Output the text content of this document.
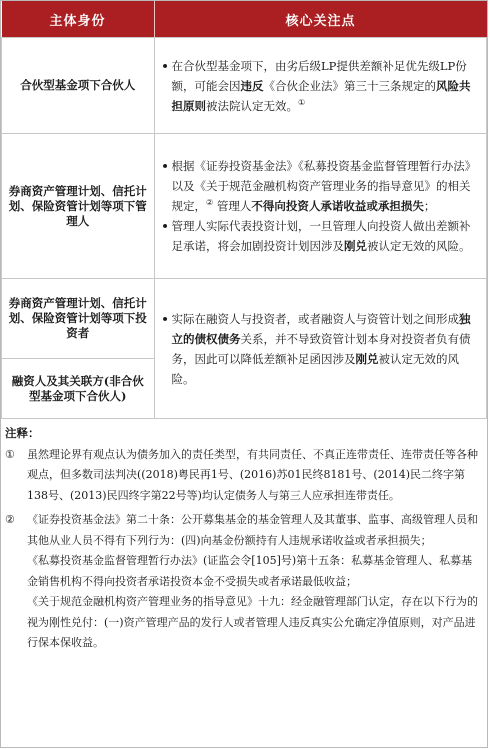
主体身份	核心关注点
合伙型基金项下合伙人	• 在合伙型基金项下，由劣后级LP提供差额补足优先级LP份额，可能会因违反《合伙企业法》第三十三条规定的风险共担原则被法院认定无效。①

券商资产管理计划、信托计划、保险资管计划等项下管理人	• 根据《证券投资基金法》《私募投资基金监督管理暂行办法》以及《关于规范金融机构资产管理业务的指导意见》的相关规定，② 管理人不得向投资人承诺收益或承担损失；
• 管理人实际代表投资计划，一旦管理人向投资人做出差额补足承诺，将会加剧投资计划因涉及刚兑被认定无效的风险。

券商资产管理计划、信托计划、保险资管计划等项下投资者	• 实际在融资人与投资者，或者融资人与资管计划之间形成独立的债权债务关系，并不导致资管计划本身对投资者负有债务，因此可以降低差额补足函因涉及刚兑被认定无效的风险。

融资人及其关联方(非合伙型基金项下合伙人)	
注释：
①	虽然理论界有观点认为债务加入的责任类型，有共同责任、不真正连带责任、连带责任等各种观点，但多数司法判决((2018)粤民再1号、(2016)苏01民终8181号、(2014)民二终字第138号、(2013)民四终字第22号等)均认定债务人与第三人应承担连带责任。
②	《证券投资基金法》第二十条：公开募集基金的基金管理人及其董事、监事、高级管理人员和其他从业人员不得有下列行为：(四)向基金份额持有人违规承诺收益或者承担损失；
《私募投资基金监督管理暂行办法》(证监会令[105]号)第十五条：私募基金管理人、私募基金销售机构不得向投资者承诺投资本金不受损失或者承诺最低收益；
《关于规范金融机构资产管理业务的指导意见》十九：经金融管理部门认定，存在以下行为的视为刚性兑付：(一)资产管理产品的发行人或者管理人违反真实公允确定净值原则，对产品进行保本保收益。
